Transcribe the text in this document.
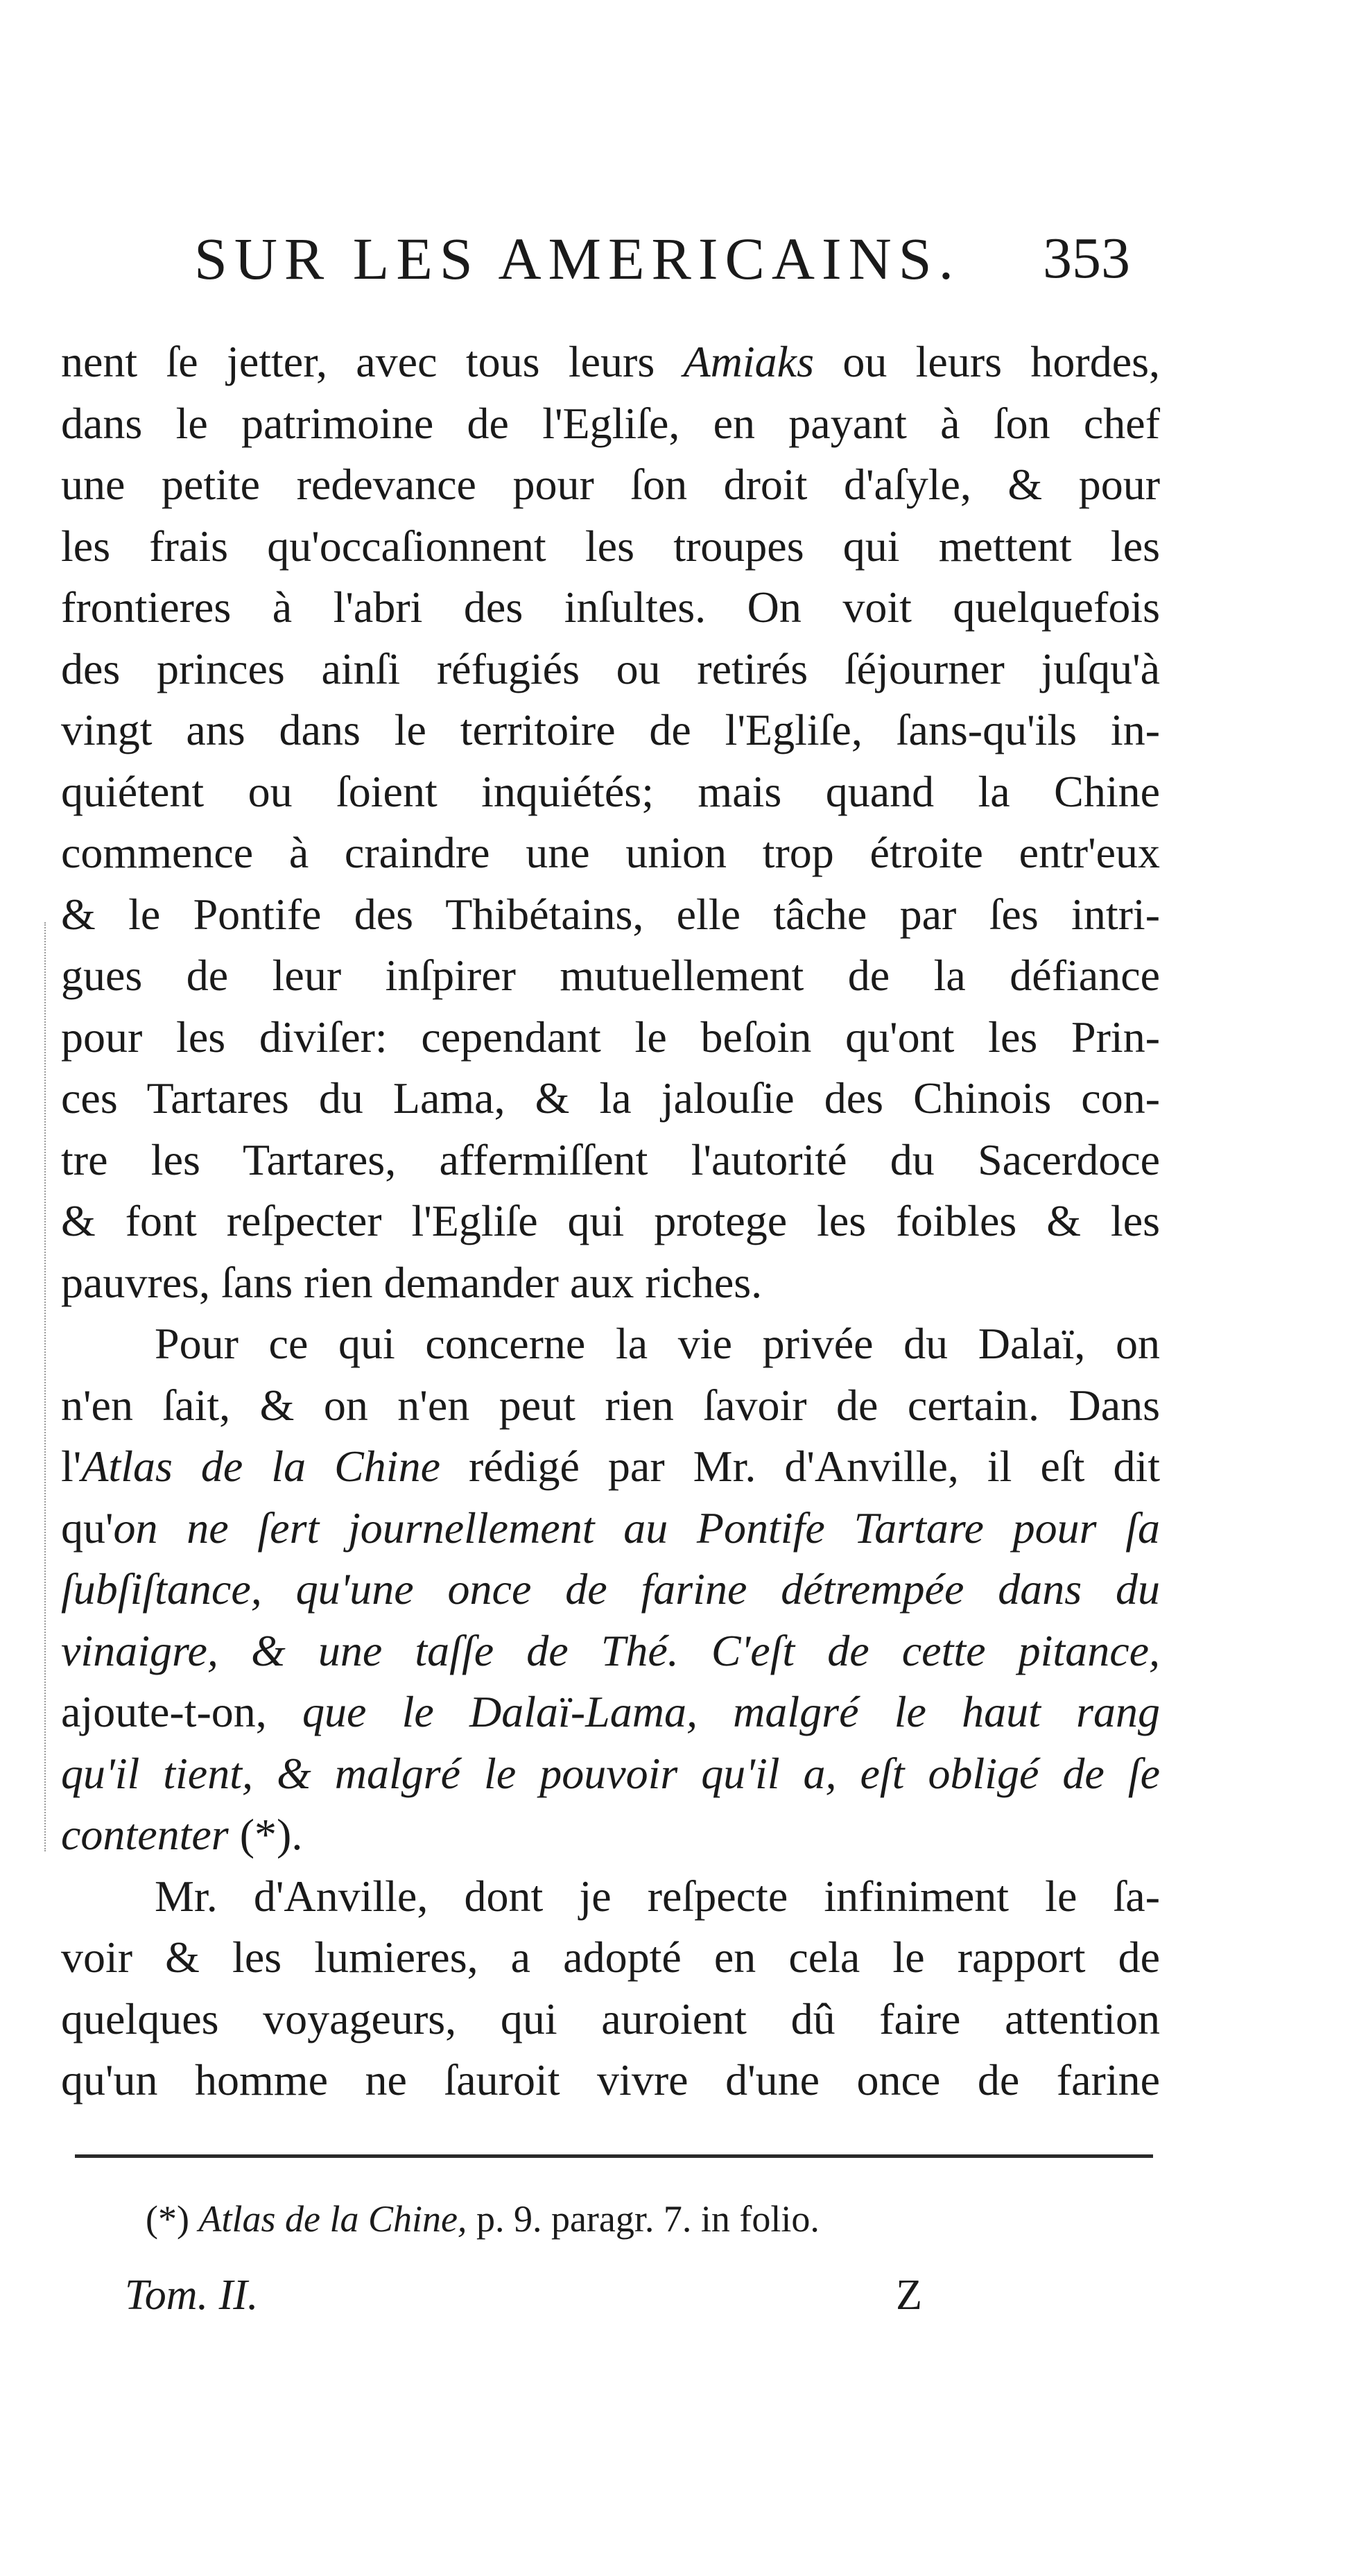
SUR LES AMERICAINS. 353
nent ſe jetter, avec tous leurs Amiaks ou leurs hordes,
dans le patrimoine de l'Egliſe, en payant à ſon chef
une petite redevance pour ſon droit d'aſyle, & pour
les frais qu'occaſionnent les troupes qui mettent les
frontieres à l'abri des inſultes. On voit quelquefois
des princes ainſi réfugiés ou retirés ſéjourner juſqu'à
vingt ans dans le territoire de l'Egliſe, ſans-qu'ils in-
quiétent ou ſoient inquiétés; mais quand la Chine
commence à craindre une union trop étroite entr'eux
& le Pontife des Thibétains, elle tâche par ſes intri-
gues de leur inſpirer mutuellement de la défiance
pour les diviſer: cependant le beſoin qu'ont les Prin-
ces Tartares du Lama, & la jalouſie des Chinois con-
tre les Tartares, affermiſſent l'autorité du Sacerdoce
& font reſpecter l'Egliſe qui protege les foibles & les
pauvres, ſans rien demander aux riches.
Pour ce qui concerne la vie privée du Dalaï, on
n'en ſait, & on n'en peut rien ſavoir de certain. Dans
l'Atlas de la Chine rédigé par Mr. d'Anville, il eſt dit
qu'on ne ſert journellement au Pontife Tartare pour ſa
ſubſiſtance, qu'une once de farine détrempée dans du
vinaigre, & une taſſe de Thé. C'eſt de cette pitance,
ajoute-t-on, que le Dalaï-Lama, malgré le haut rang
qu'il tient, & malgré le pouvoir qu'il a, eſt obligé de ſe
contenter (*).
Mr. d'Anville, dont je reſpecte infiniment le ſa-
voir & les lumieres, a adopté en cela le rapport de
quelques voyageurs, qui auroient dû faire attention
qu'un homme ne ſauroit vivre d'une once de farine
(*) Atlas de la Chine, p. 9. paragr. 7. in folio.
Tom. II.	Z
